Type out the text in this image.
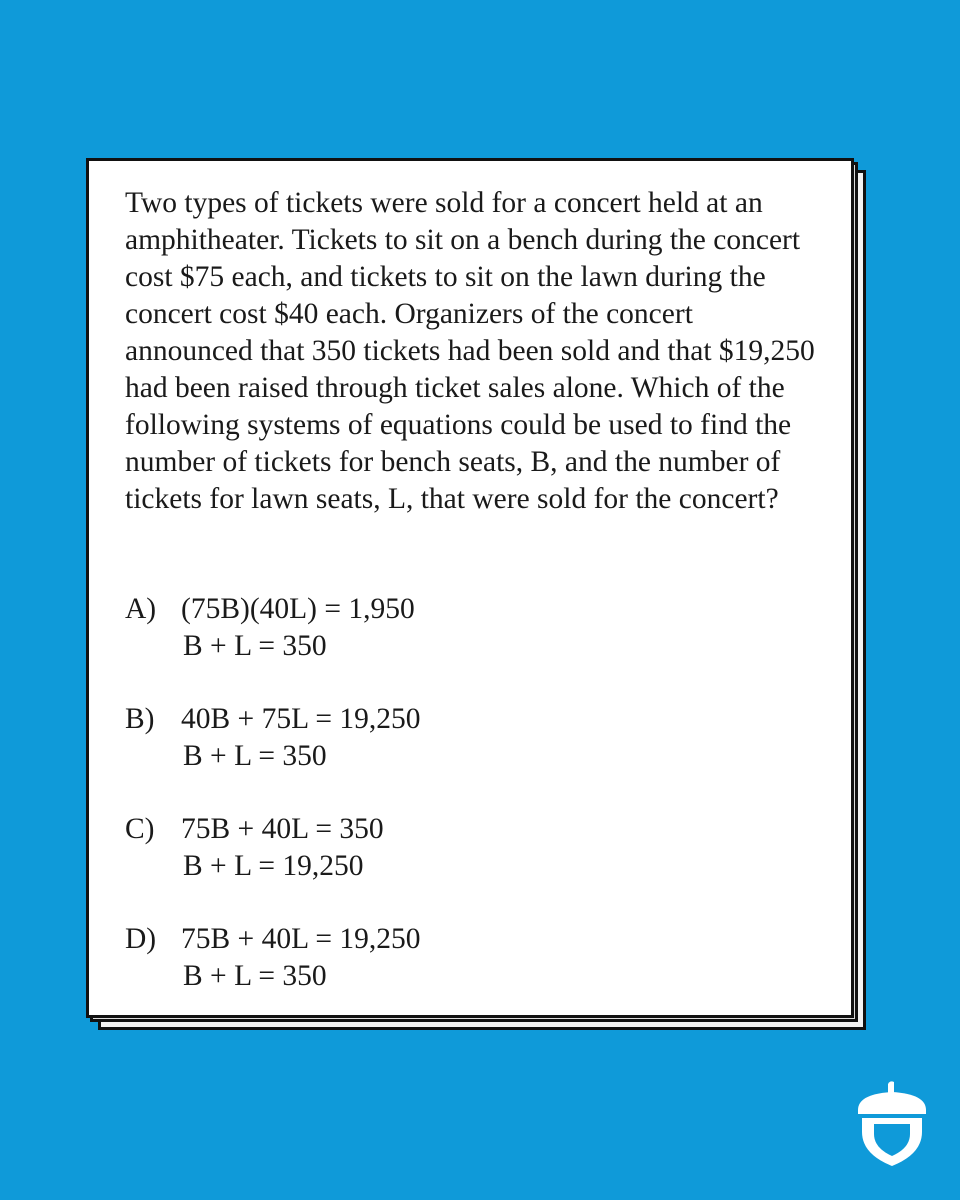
Two types of tickets were sold for a concert held at an amphitheater. Tickets to sit on a bench during the concert cost $75 each, and tickets to sit on the lawn during the concert cost $40 each. Organizers of the concert announced that 350 tickets had been sold and that $19,250 had been raised through ticket sales alone. Which of the following systems of equations could be used to find the number of tickets for bench seats, B, and the number of tickets for lawn seats, L, that were sold for the concert?

A) (75B)(40L) = 1,950
B + L = 350
B) 40B + 75L = 19,250
B + L = 350
C) 75B + 40L = 350
B + L = 19,250
D) 75B + 40L = 19,250
B + L = 350
